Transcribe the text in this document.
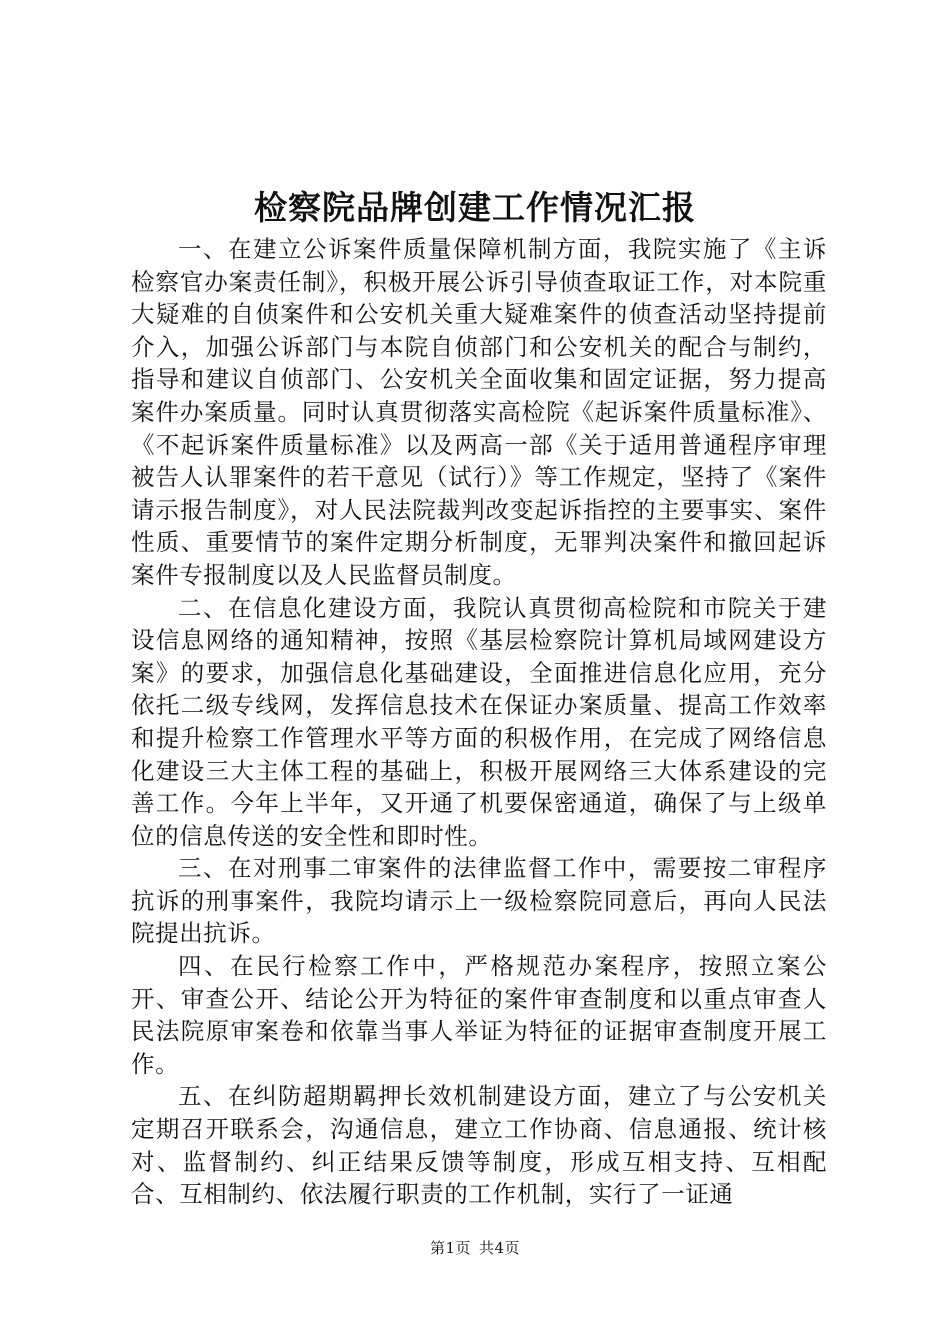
检察院品牌创建工作情况汇报

一、在建立公诉案件质量保障机制方面，我院实施了《主诉检察官办案责任制》，积极开展公诉引导侦查取证工作，对本院重大疑难的自侦案件和公安机关重大疑难案件的侦查活动坚持提前介入，加强公诉部门与本院自侦部门和公安机关的配合与制约，指导和建议自侦部门、公安机关全面收集和固定证据，努力提高案件办案质量。同时认真贯彻落实高检院《起诉案件质量标准》、《不起诉案件质量标准》以及两高一部《关于适用普通程序审理被告人认罪案件的若干意见（试行）》等工作规定，坚持了《案件请示报告制度》，对人民法院裁判改变起诉指控的主要事实、案件性质、重要情节的案件定期分析制度，无罪判决案件和撤回起诉案件专报制度以及人民监督员制度。

二、在信息化建设方面，我院认真贯彻高检院和市院关于建设信息网络的通知精神，按照《基层检察院计算机局域网建设方案》的要求，加强信息化基础建设，全面推进信息化应用，充分依托二级专线网，发挥信息技术在保证办案质量、提高工作效率和提升检察工作管理水平等方面的积极作用，在完成了网络信息化建设三大主体工程的基础上，积极开展网络三大体系建设的完善工作。今年上半年，又开通了机要保密通道，确保了与上级单位的信息传送的安全性和即时性。

三、在对刑事二审案件的法律监督工作中，需要按二审程序抗诉的刑事案件，我院均请示上一级检察院同意后，再向人民法院提出抗诉。

四、在民行检察工作中，严格规范办案程序，按照立案公开、审查公开、结论公开为特征的案件审查制度和以重点审查人民法院原审案卷和依靠当事人举证为特征的证据审查制度开展工作。

五、在纠防超期羁押长效机制建设方面，建立了与公安机关定期召开联系会，沟通信息，建立工作协商、信息通报、统计核对、监督制约、纠正结果反馈等制度，形成互相支持、互相配合、互相制约、依法履行职责的工作机制，实行了一证通

第1页 共4页
